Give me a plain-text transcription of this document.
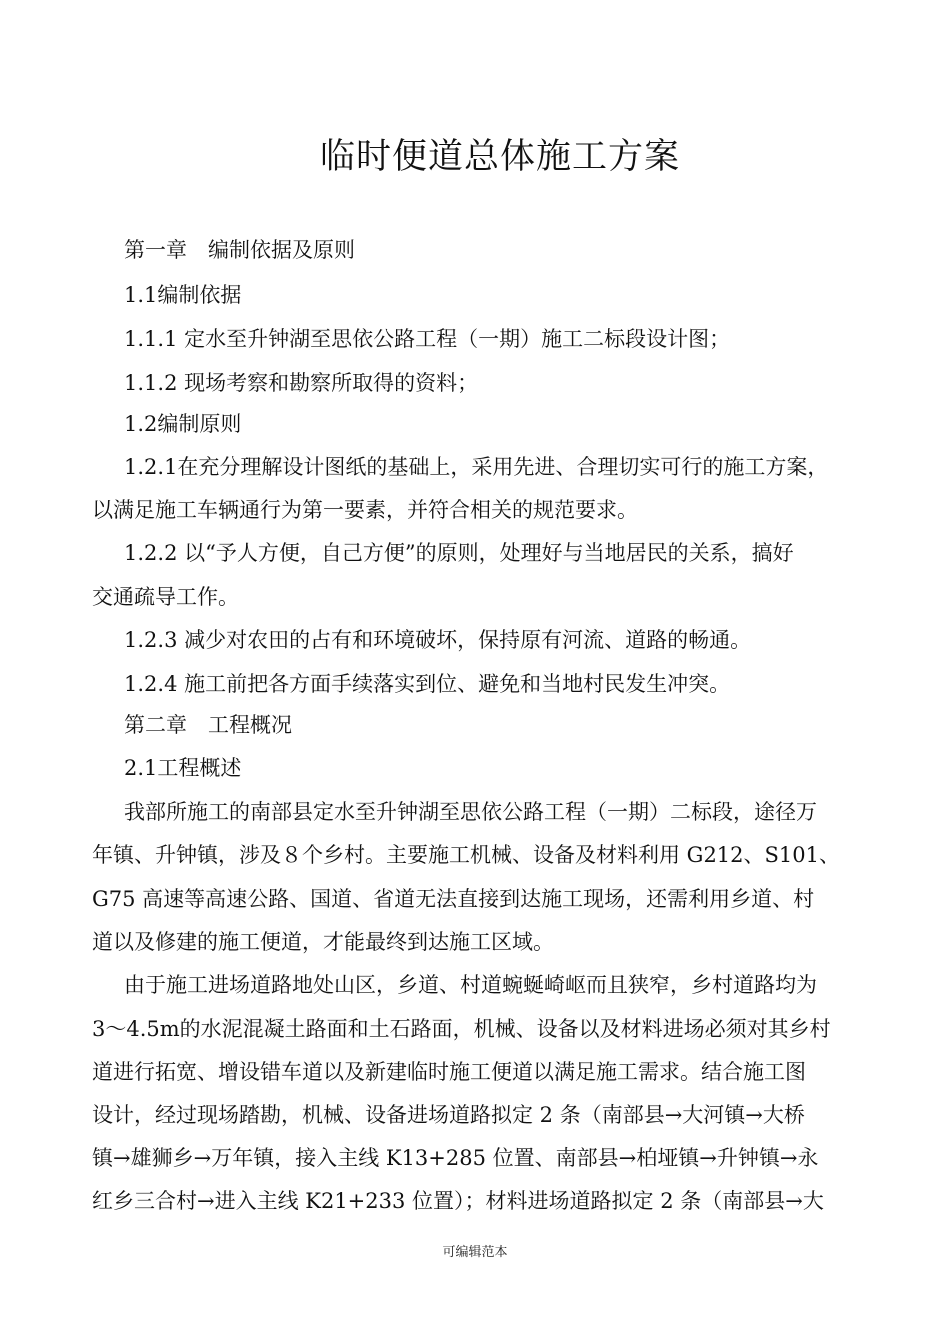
临时便道总体施工方案
第一章　编制依据及原则
1.1编制依据
1.1.1 定水至升钟湖至思依公路工程（一期）施工二标段设计图；
1.1.2 现场考察和勘察所取得的资料；
1.2编制原则
1.2.1在充分理解设计图纸的基础上，采用先进、合理切实可行的施工方案，
以满足施工车辆通行为第一要素，并符合相关的规范要求。
1.2.2 以“予人方便，自己方便”的原则，处理好与当地居民的关系，搞好
交通疏导工作。
1.2.3 减少对农田的占有和环境破坏，保持原有河流、道路的畅通。
1.2.4 施工前把各方面手续落实到位、避免和当地村民发生冲突。
第二章　工程概况
2.1工程概述
我部所施工的南部县定水至升钟湖至思依公路工程（一期）二标段，途径万
年镇、升钟镇，涉及８个乡村。主要施工机械、设备及材料利用 G212、S101、
G75 高速等高速公路、国道、省道无法直接到达施工现场，还需利用乡道、村
道以及修建的施工便道，才能最终到达施工区域。
由于施工进场道路地处山区，乡道、村道蜿蜒崎岖而且狭窄，乡村道路均为
3～4.5m的水泥混凝土路面和土石路面，机械、设备以及材料进场必须对其乡村
道进行拓宽、增设错车道以及新建临时施工便道以满足施工需求。结合施工图
设计，经过现场踏勘，机械、设备进场道路拟定 2 条（南部县→大河镇→大桥
镇→雄狮乡→万年镇，接入主线 K13+285 位置、南部县→柏垭镇→升钟镇→永
红乡三合村→进入主线 K21+233 位置）；材料进场道路拟定 2 条（南部县→大
可编辑范本
